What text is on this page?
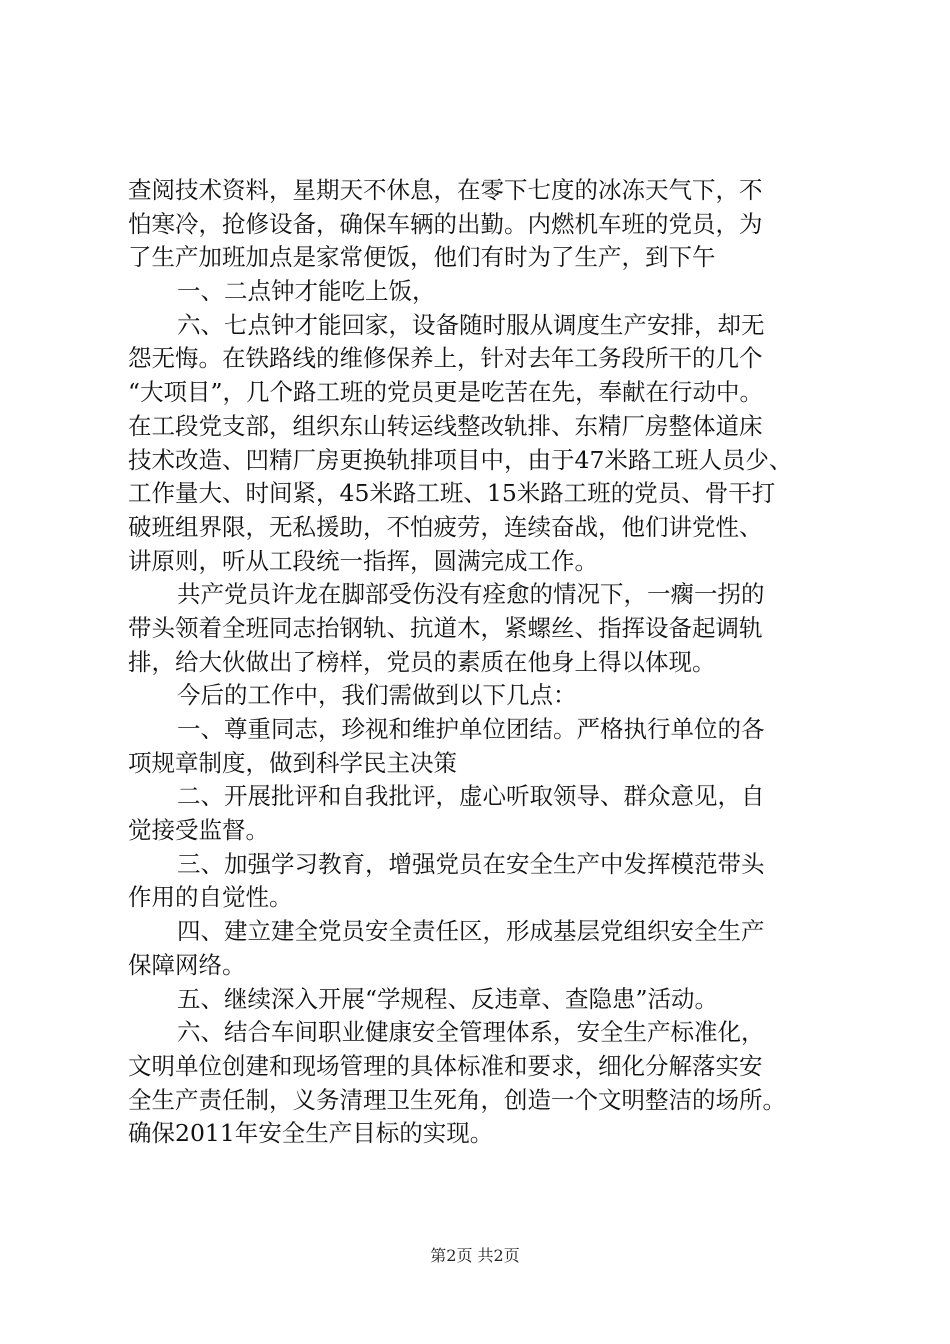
查阅技术资料，星期天不休息，在零下七度的冰冻天气下，不
怕寒冷，抢修设备，确保车辆的出勤。内燃机车班的党员，为
了生产加班加点是家常便饭，他们有时为了生产，到下午
一、二点钟才能吃上饭，
六、七点钟才能回家，设备随时服从调度生产安排，却无
怨无悔。在铁路线的维修保养上，针对去年工务段所干的几个
“大项目”，几个路工班的党员更是吃苦在先，奉献在行动中。
在工段党支部，组织东山转运线整改轨排、东精厂房整体道床
技术改造、凹精厂房更换轨排项目中，由于47米路工班人员少、
工作量大、时间紧，45米路工班、15米路工班的党员、骨干打
破班组界限，无私援助，不怕疲劳，连续奋战，他们讲党性、
讲原则，听从工段统一指挥，圆满完成工作。
共产党员许龙在脚部受伤没有痊愈的情况下，一瘸一拐的
带头领着全班同志抬钢轨、抗道木，紧螺丝、指挥设备起调轨
排，给大伙做出了榜样，党员的素质在他身上得以体现。
今后的工作中，我们需做到以下几点：
一、尊重同志，珍视和维护单位团结。严格执行单位的各
项规章制度，做到科学民主决策
二、开展批评和自我批评，虚心听取领导、群众意见，自
觉接受监督。
三、加强学习教育，增强党员在安全生产中发挥模范带头
作用的自觉性。
四、建立建全党员安全责任区，形成基层党组织安全生产
保障网络。
五、继续深入开展“学规程、反违章、查隐患”活动。
六、结合车间职业健康安全管理体系，安全生产标准化，
文明单位创建和现场管理的具体标准和要求，细化分解落实安
全生产责任制，义务清理卫生死角，创造一个文明整洁的场所。
确保2011年安全生产目标的实现。
第2页 共2页
